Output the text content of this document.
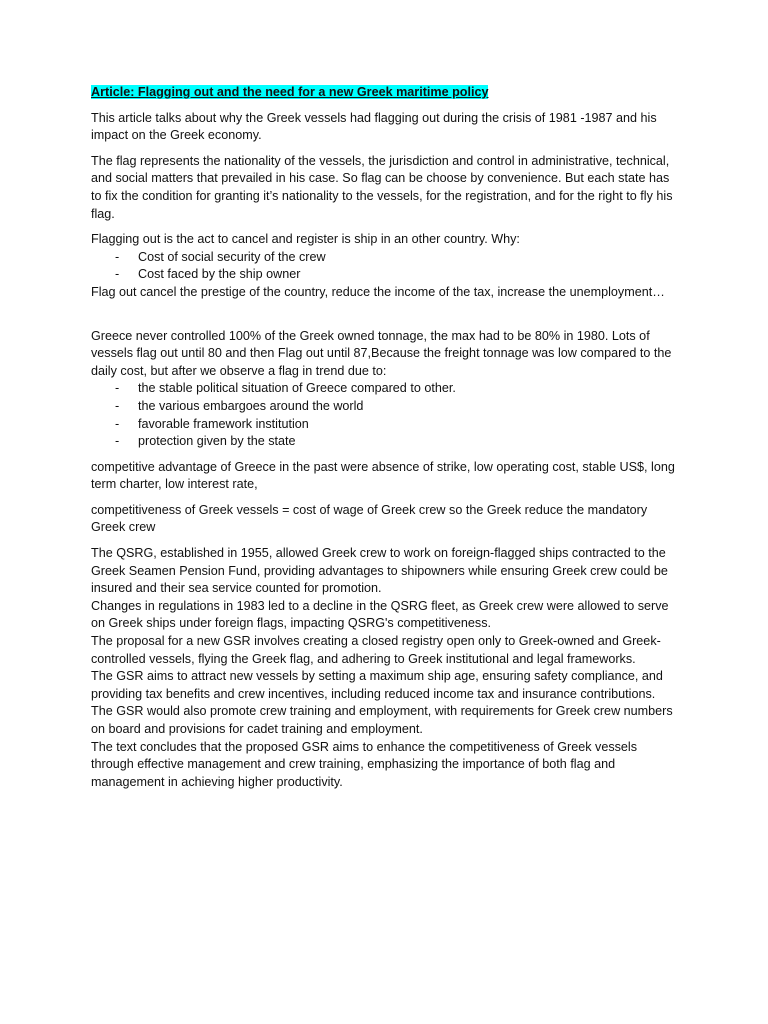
Article: Flagging out and the need for a new Greek maritime policy

This article talks about why the Greek vessels had flagging out during the crisis of 1981 -1987 and his impact on the Greek economy.

The flag represents the nationality of the vessels, the jurisdiction and control in administrative, technical, and social matters that prevailed in his case. So flag can be choose by convenience. But each state has to fix the condition for granting it’s nationality to the vessels, for the registration, and for the right to fly his flag.

Flagging out is the act to cancel and register is ship in an other country. Why:

- Cost of social security of the crew
- Cost faced by the ship owner

Flag out cancel the prestige of the country, reduce the income of the tax, increase the unemployment…

Greece never controlled 100% of the Greek owned tonnage, the max had to be 80% in 1980. Lots of vessels flag out until 80 and then Flag out until 87,Because the freight tonnage was low compared to the daily cost, but after we observe a flag in trend due to:

- the stable political situation of Greece compared to other.
- the various embargoes around the world
- favorable framework institution
- protection given by the state

competitive advantage of Greece in the past were absence of strike, low operating cost, stable US$, long term charter, low interest rate,

competitiveness of Greek vessels = cost of wage of Greek crew so the Greek reduce the mandatory Greek crew

The QSRG, established in 1955, allowed Greek crew to work on foreign-flagged ships contracted to the Greek Seamen Pension Fund, providing advantages to shipowners while ensuring Greek crew could be insured and their sea service counted for promotion.

Changes in regulations in 1983 led to a decline in the QSRG fleet, as Greek crew were allowed to serve on Greek ships under foreign flags, impacting QSRG's competitiveness.

The proposal for a new GSR involves creating a closed registry open only to Greek-owned and Greek-controlled vessels, flying the Greek flag, and adhering to Greek institutional and legal frameworks.

The GSR aims to attract new vessels by setting a maximum ship age, ensuring safety compliance, and providing tax benefits and crew incentives, including reduced income tax and insurance contributions.

The GSR would also promote crew training and employment, with requirements for Greek crew numbers on board and provisions for cadet training and employment.

The text concludes that the proposed GSR aims to enhance the competitiveness of Greek vessels through effective management and crew training, emphasizing the importance of both flag and management in achieving higher productivity.
